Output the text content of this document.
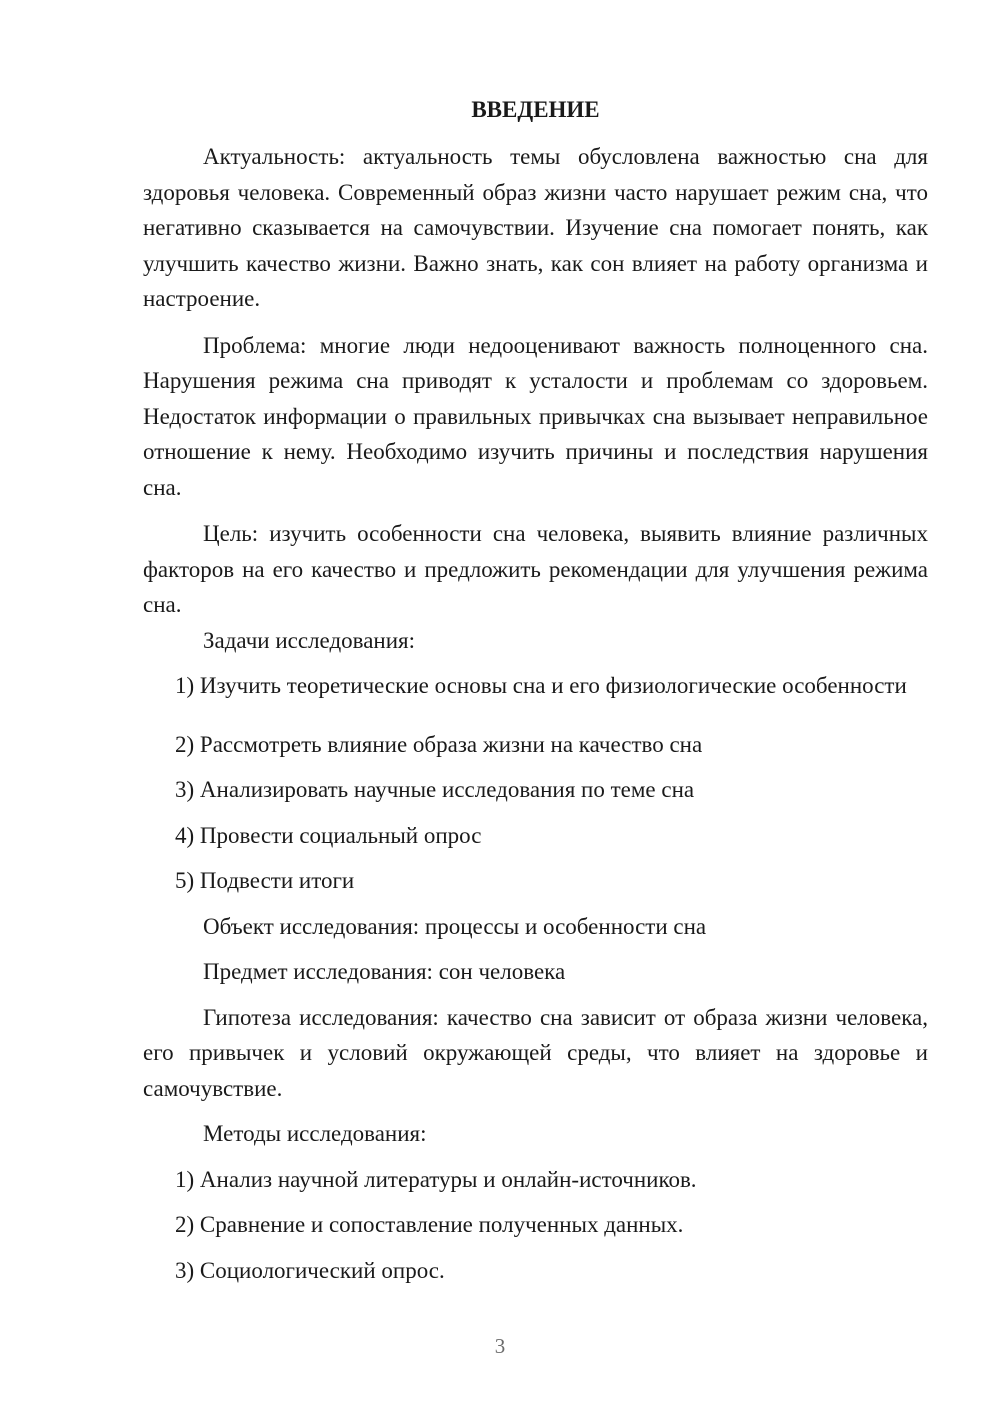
ВВЕДЕНИЕ

Актуальность: актуальность темы обусловлена важностью сна для здоровья человека. Современный образ жизни часто нарушает режим сна, что негативно сказывается на самочувствии. Изучение сна помогает понять, как улучшить качество жизни. Важно знать, как сон влияет на работу организма и настроение.

Проблема: многие люди недооценивают важность полноценного сна. Нарушения режима сна приводят к усталости и проблемам со здоровьем. Недостаток информации о правильных привычках сна вызывает неправильное отношение к нему. Необходимо изучить причины и последствия нарушения сна.

Цель: изучить особенности сна человека, выявить влияние различных факторов на его качество и предложить рекомендации для улучшения режима сна.

Задачи исследования:

1) Изучить теоретические основы сна и его физиологические особенности

2) Рассмотреть влияние образа жизни на качество сна

3) Анализировать научные исследования по теме сна

4) Провести социальный опрос

5) Подвести итоги

Объект исследования: процессы и особенности сна

Предмет исследования: сон человека

Гипотеза исследования: качество сна зависит от образа жизни человека, его привычек и условий окружающей среды, что влияет на здоровье и самочувствие.

Методы исследования:

1) Анализ научной литературы и онлайн-источников.

2) Сравнение и сопоставление полученных данных.

3) Социологический опрос.

3
